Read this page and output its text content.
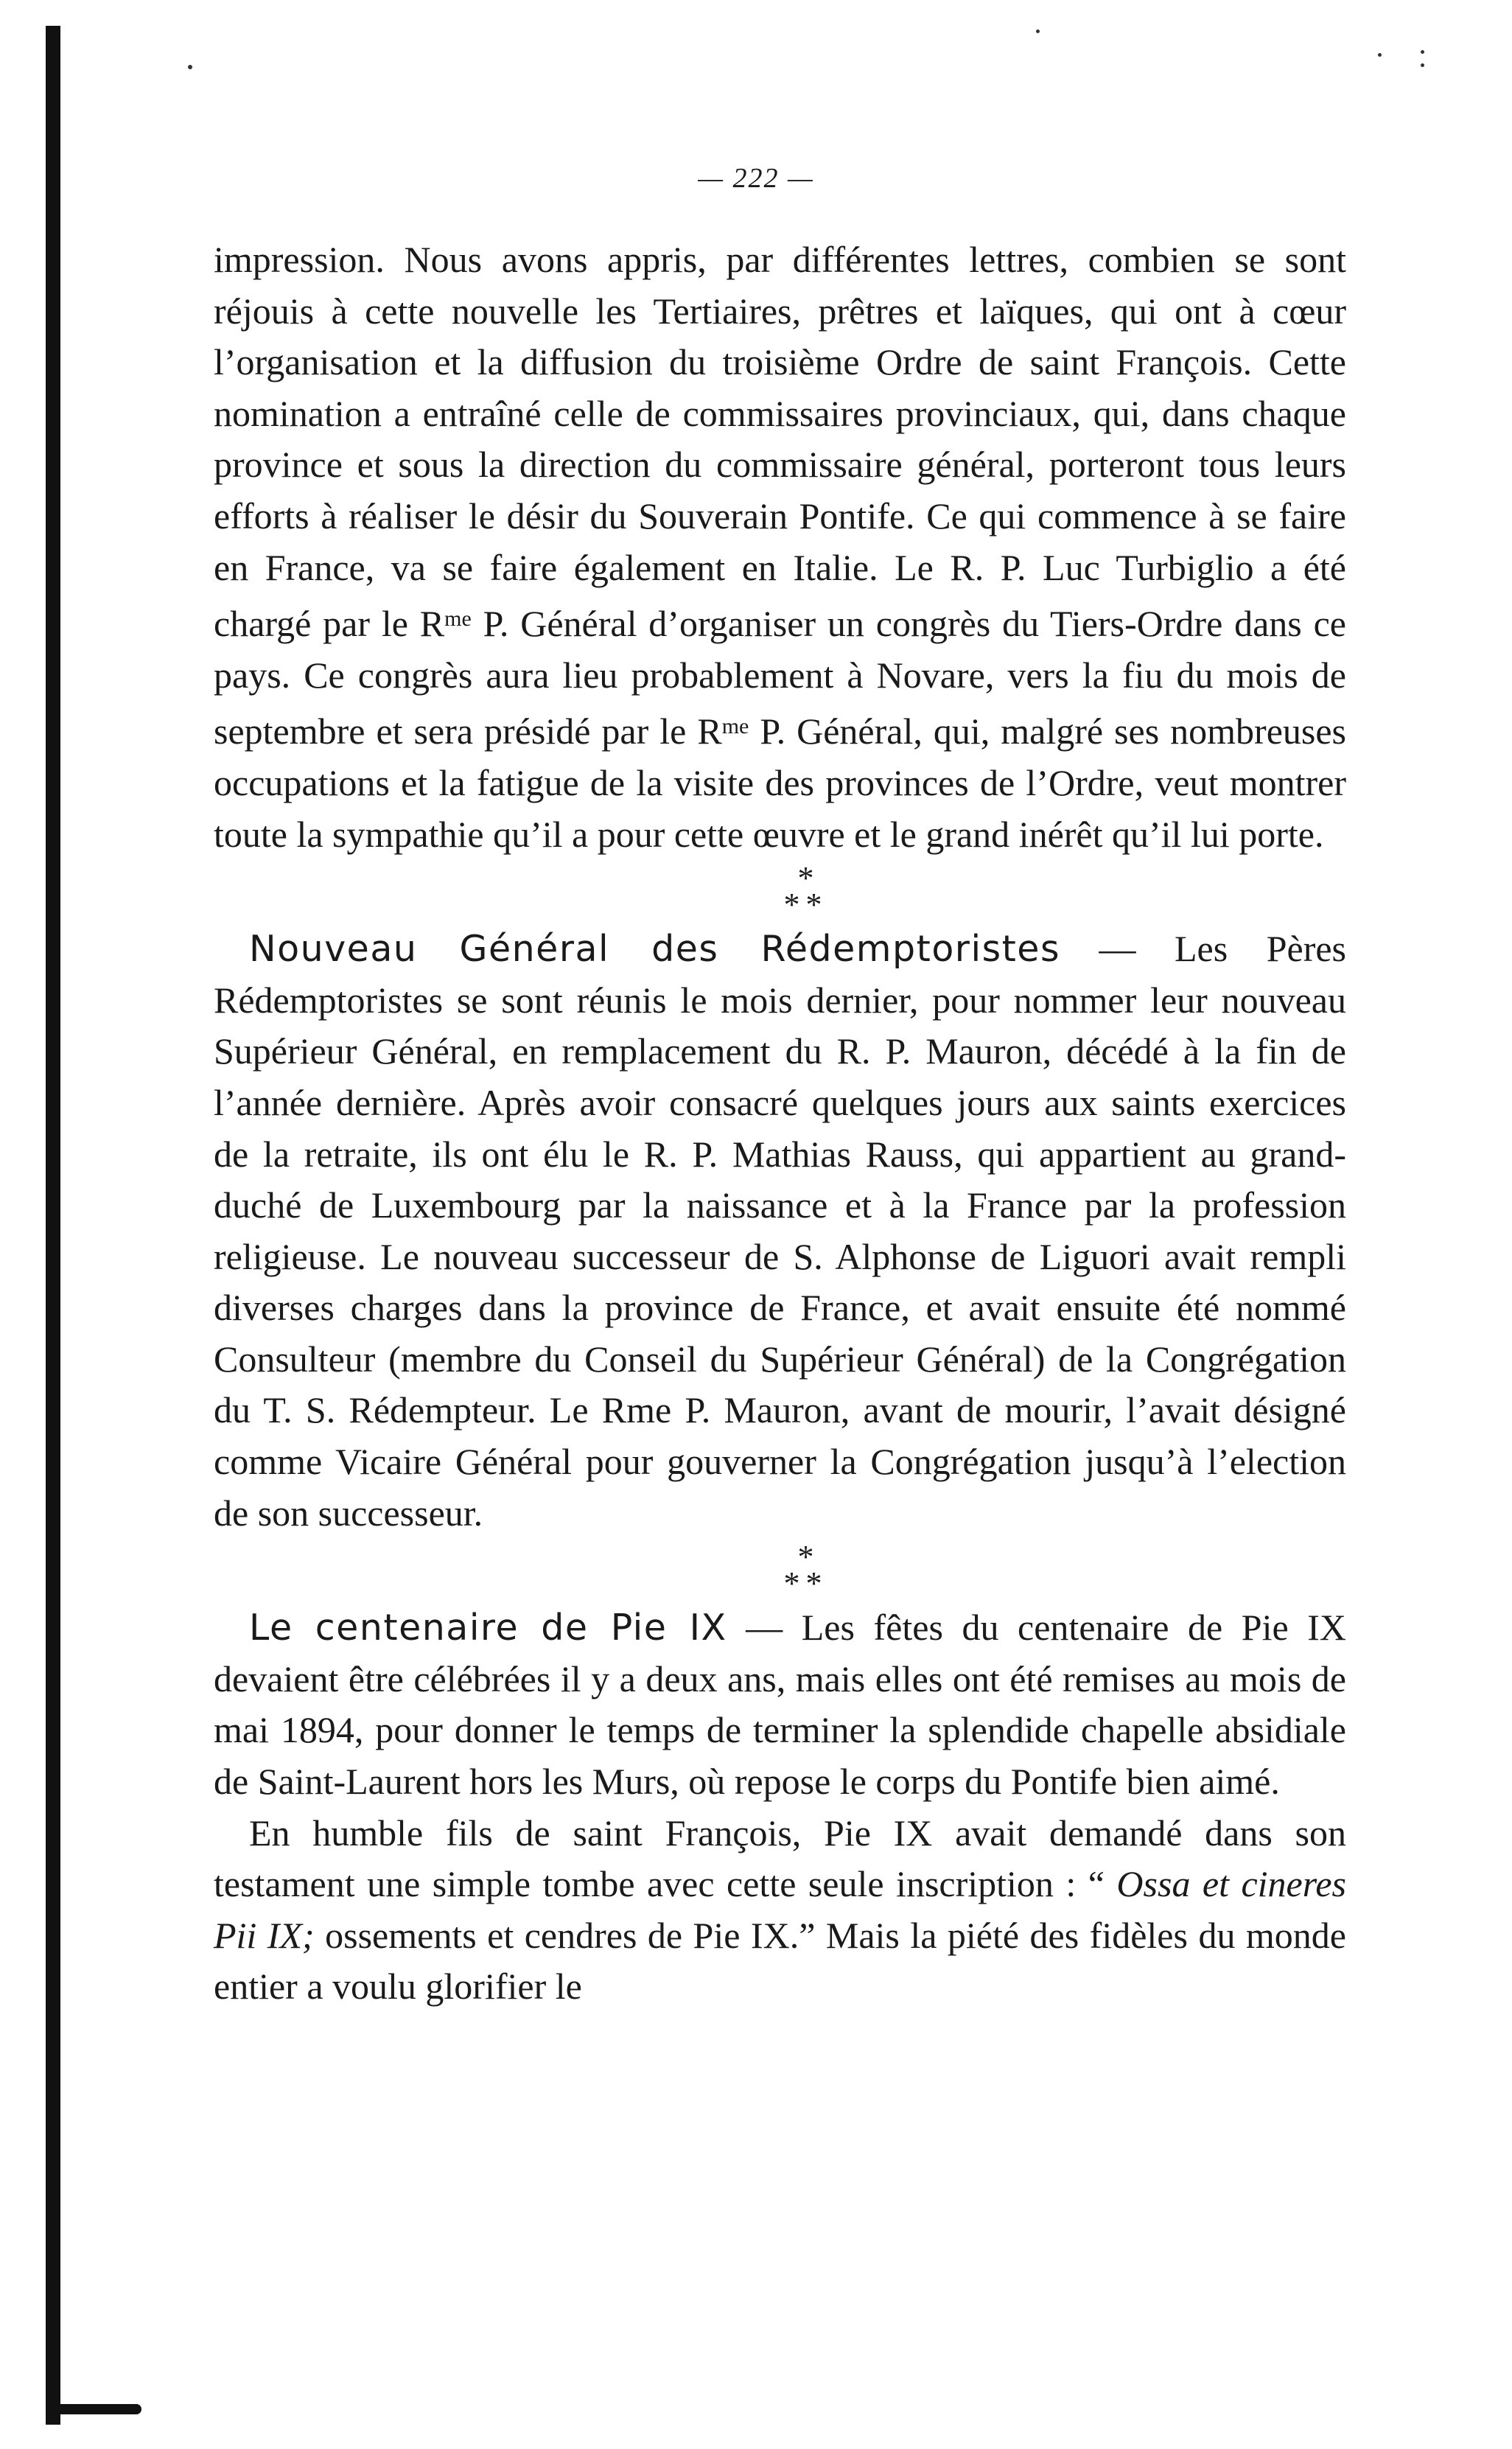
— 222 —

impression. Nous avons appris, par différentes lettres, combien se sont réjouis à cette nouvelle les Tertiaires, prêtres et laïques, qui ont à cœur l’organisation et la diffusion du troisième Ordre de saint François. Cette nomination a entraîné celle de commissaires provinciaux, qui, dans chaque province et sous la direction du commissaire général, porteront tous leurs efforts à réaliser le désir du Souverain Pontife. Ce qui commence à se faire en France, va se faire également en Italie. Le R. P. Luc Turbiglio a été chargé par le $R^{me}$ P. Général d’organiser un congrès du Tiers-Ordre dans ce pays. Ce congrès aura lieu probablement à Novare, vers la fiu du mois de septembre et sera présidé par le $R^{me}$ P. Général, qui, malgré ses nombreuses occupations et la fatigue de la visite des provinces de l’Ordre, veut montrer toute la sympathie qu’il a pour cette œuvre et le grand inérêt qu’il lui porte.

*
**

Nouveau Général des Rédemptoristes — Les Pères Rédemptoristes se sont réunis le mois dernier, pour nommer leur nouveau Supérieur Général, en remplacement du R. P. Mauron, décédé à la fin de l’année dernière. Après avoir consacré quelques jours aux saints exercices de la retraite, ils ont élu le R. P. Mathias Rauss, qui appartient au grand-duché de Luxembourg par la naissance et à la France par la profession religieuse. Le nouveau successeur de S. Alphonse de Liguori avait rempli diverses charges dans la province de France, et avait ensuite été nommé Consulteur (membre du Conseil du Supérieur Général) de la Congrégation du T. S. Rédempteur. Le Rme P. Mauron, avant de mourir, l’avait désigné comme Vicaire Général pour gouverner la Congrégation jusqu’à l’election de son successeur.

*
**

Le centenaire de Pie IX — Les fêtes du centenaire de Pie IX devaient être célébrées il y a deux ans, mais elles ont été remises au mois de mai 1894, pour donner le temps de terminer la splendide chapelle absidiale de Saint-Laurent hors les Murs, où repose le corps du Pontife bien aimé.

En humble fils de saint François, Pie IX avait demandé dans son testament une simple tombe avec cette seule inscription : “ Ossa et cineres Pii IX; ossements et cendres de Pie IX.” Mais la piété des fidèles du monde entier a voulu glorifier le
